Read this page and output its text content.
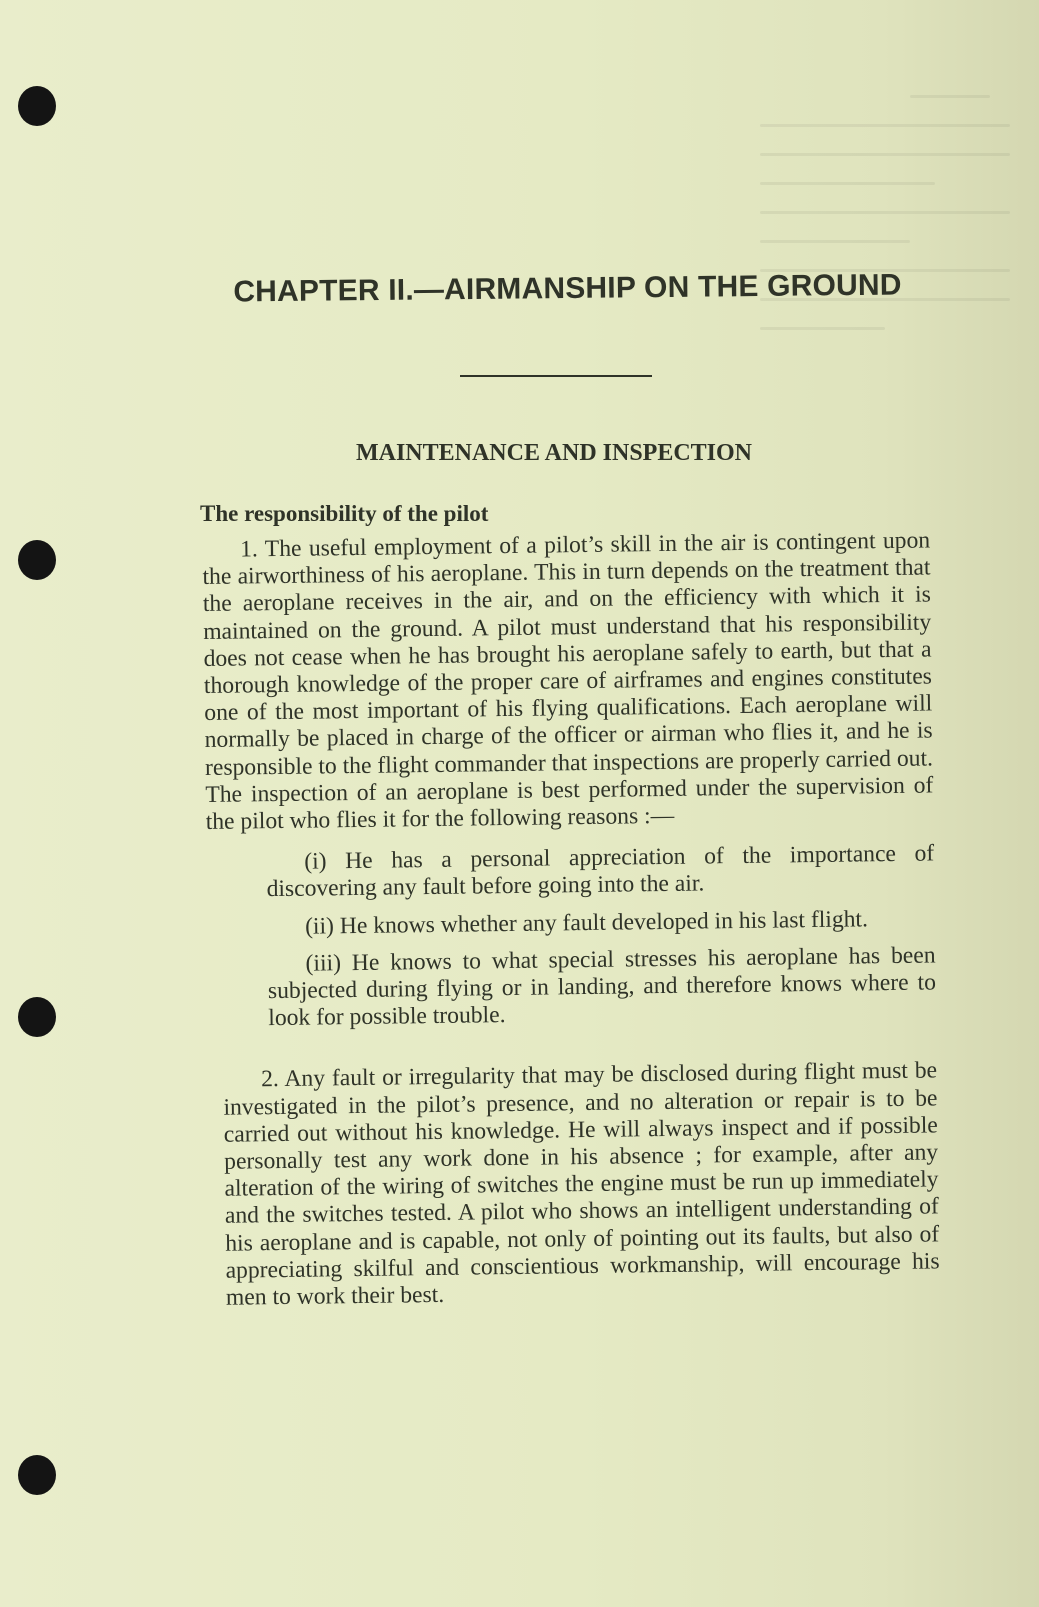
CHAPTER II.—AIRMANSHIP ON THE GROUND
MAINTENANCE AND INSPECTION
The responsibility of the pilot

1. The useful employment of a pilot’s skill in the air is contingent upon the airworthiness of his aeroplane. This in turn depends on the treatment that the aeroplane receives in the air, and on the efficiency with which it is maintained on the ground. A pilot must understand that his responsibility does not cease when he has brought his aeroplane safely to earth, but that a thorough knowledge of the proper care of airframes and engines constitutes one of the most important of his flying qualifications. Each aeroplane will normally be placed in charge of the officer or airman who flies it, and he is responsible to the flight commander that inspections are properly carried out. The inspection of an aeroplane is best performed under the supervision of the pilot who flies it for the following reasons :—

(i) He has a personal appreciation of the importance of discovering any fault before going into the air.

(ii) He knows whether any fault developed in his last flight.

(iii) He knows to what special stresses his aeroplane has been subjected during flying or in landing, and therefore knows where to look for possible trouble.

2. Any fault or irregularity that may be disclosed during flight must be investigated in the pilot’s presence, and no alteration or repair is to be carried out without his knowledge. He will always inspect and if possible personally test any work done in his absence ; for example, after any alteration of the wiring of switches the engine must be run up immediately and the switches tested. A pilot who shows an intelligent understanding of his aeroplane and is capable, not only of pointing out its faults, but also of appreciating skilful and conscientious workmanship, will encourage his men to work their best.
